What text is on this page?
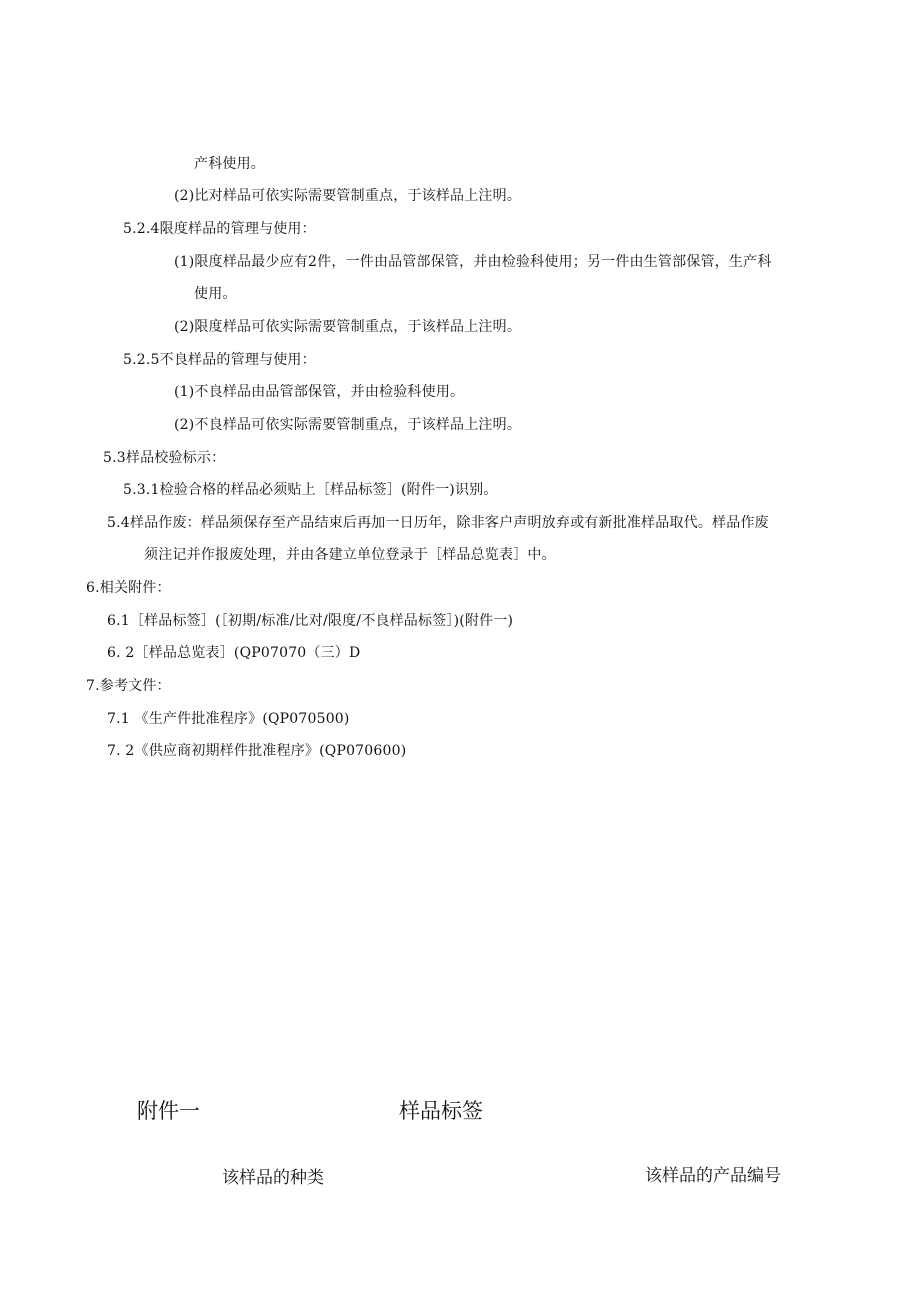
产科使用。
(2)比对样品可依实际需要管制重点，于该样品上注明。
5.2.4限度样品的管理与使用：
(1)限度样品最少应有2件，一件由品管部保管，并由检验科使用；另一件由生管部保管，生产科
使用。
(2)限度样品可依实际需要管制重点，于该样品上注明。
5.2.5不良样品的管理与使用：
(1)不良样品由品管部保管，并由检验科使用。
(2)不良样品可依实际需要管制重点，于该样品上注明。
5.3样品校验标示：
5.3.1检验合格的样品必须贴上［样品标签］(附件一)识别。
5.4样品作废：样品须保存至产品结束后再加一日历年，除非客户声明放弃或有新批准样品取代。样品作废
须注记并作报废处理，并由各建立单位登录于［样品总览表］中。
6.相关附件：
6.1［样品标签］(［初期/标准/比对/限度/不良样品标签］)(附件一)
6. 2［样品总览表］(QP07070（三）D
7.参考文件：
7.1 《生产件批准程序》(QP070500)
7. 2《供应商初期样件批准程序》(QP070600)
附件一	样品标签
该样品的种类	该样品的产品编号
